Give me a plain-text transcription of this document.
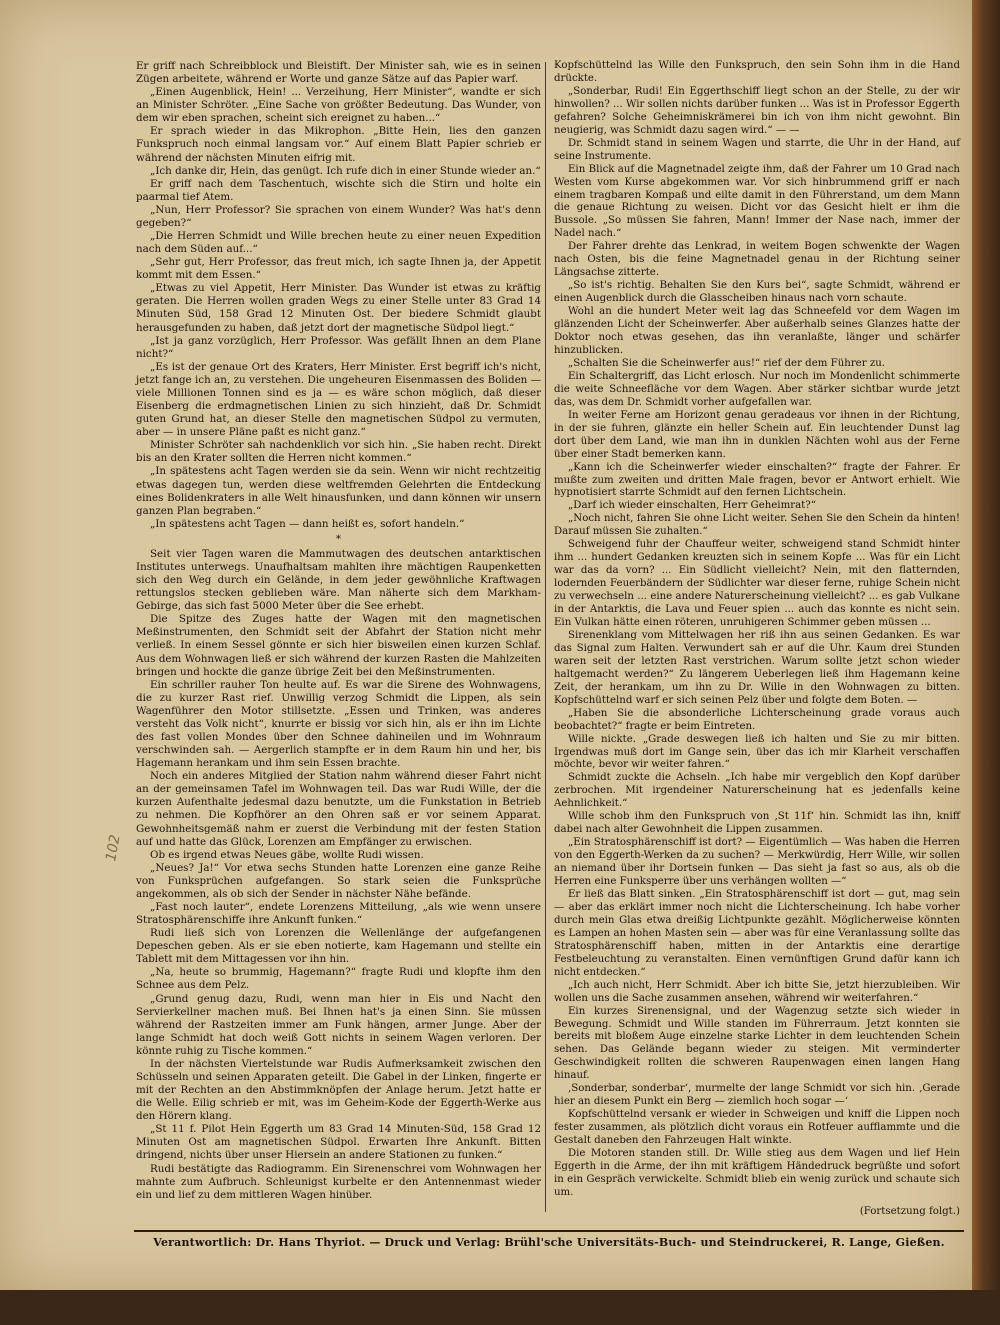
Er griff nach Schreibblock und Bleistift. Der Minister sah, wie es in seinen Zügen arbeitete, während er Worte und ganze Sätze auf das Papier warf.

„Einen Augenblick, Hein! ... Verzeihung, Herr Minister“, wandte er sich an Minister Schröter. „Eine Sache von größter Bedeutung. Das Wunder, von dem wir eben sprachen, scheint sich ereignet zu haben...“

Er sprach wieder in das Mikrophon. „Bitte Hein, lies den ganzen Funkspruch noch einmal langsam vor.“ Auf einem Blatt Papier schrieb er während der nächsten Minuten eifrig mit.

„Ich danke dir, Hein, das genügt. Ich rufe dich in einer Stunde wieder an.“

Er griff nach dem Taschentuch, wischte sich die Stirn und holte ein paarmal tief Atem.

„Nun, Herr Professor? Sie sprachen von einem Wunder? Was hat's denn gegeben?“

„Die Herren Schmidt und Wille brechen heute zu einer neuen Expedition nach dem Süden auf...“

„Sehr gut, Herr Professor, das freut mich, ich sagte Ihnen ja, der Appetit kommt mit dem Essen.“

„Etwas zu viel Appetit, Herr Minister. Das Wunder ist etwas zu kräftig geraten. Die Herren wollen graden Wegs zu einer Stelle unter 83 Grad 14 Minuten Süd, 158 Grad 12 Minuten Ost. Der biedere Schmidt glaubt herausgefunden zu haben, daß jetzt dort der magnetische Südpol liegt.“

„Ist ja ganz vorzüglich, Herr Professor. Was gefällt Ihnen an dem Plane nicht?“

„Es ist der genaue Ort des Kraters, Herr Minister. Erst begriff ich's nicht, jetzt fange ich an, zu verstehen. Die ungeheuren Eisenmassen des Boliden — viele Millionen Tonnen sind es ja — es wäre schon möglich, daß dieser Eisenberg die erdmagnetischen Linien zu sich hinzieht, daß Dr. Schmidt guten Grund hat, an dieser Stelle den magnetischen Südpol zu vermuten, aber — in unsere Pläne paßt es nicht ganz.“

Minister Schröter sah nachdenklich vor sich hin. „Sie haben recht. Direkt bis an den Krater sollten die Herren nicht kommen.“

„In spätestens acht Tagen werden sie da sein. Wenn wir nicht rechtzeitig etwas dagegen tun, werden diese weltfremden Gelehrten die Entdeckung eines Bolidenkraters in alle Welt hinausfunken, und dann können wir unsern ganzen Plan begraben.“

„In spätestens acht Tagen — dann heißt es, sofort handeln.“

*

Seit vier Tagen waren die Mammutwagen des deutschen antarktischen Institutes unterwegs. Unaufhaltsam mahlten ihre mächtigen Raupenketten sich den Weg durch ein Gelände, in dem jeder gewöhnliche Kraftwagen rettungslos stecken geblieben wäre. Man näherte sich dem Markham-Gebirge, das sich fast 5000 Meter über die See erhebt.

Die Spitze des Zuges hatte der Wagen mit den magnetischen Meßinstrumenten, den Schmidt seit der Abfahrt der Station nicht mehr verließ. In einem Sessel gönnte er sich hier bisweilen einen kurzen Schlaf. Aus dem Wohnwagen ließ er sich während der kurzen Rasten die Mahlzeiten bringen und hockte die ganze übrige Zeit bei den Meßinstrumenten.

Ein schriller rauher Ton heulte auf. Es war die Sirene des Wohnwagens, die zu kurzer Rast rief. Unwillig verzog Schmidt die Lippen, als sein Wagenführer den Motor stillsetzte. „Essen und Trinken, was anderes versteht das Volk nicht“, knurrte er bissig vor sich hin, als er ihn im Lichte des fast vollen Mondes über den Schnee dahineilen und im Wohnraum verschwinden sah. — Aergerlich stampfte er in dem Raum hin und her, bis Hagemann herankam und ihm sein Essen brachte.

Noch ein anderes Mitglied der Station nahm während dieser Fahrt nicht an der gemeinsamen Tafel im Wohnwagen teil. Das war Rudi Wille, der die kurzen Aufenthalte jedesmal dazu benutzte, um die Funkstation in Betrieb zu nehmen. Die Kopfhörer an den Ohren saß er vor seinem Apparat. Gewohnheitsgemäß nahm er zuerst die Verbindung mit der festen Station auf und hatte das Glück, Lorenzen am Empfänger zu erwischen.

Ob es irgend etwas Neues gäbe, wollte Rudi wissen.

„Neues? Ja!“ Vor etwa sechs Stunden hatte Lorenzen eine ganze Reihe von Funksprüchen aufgefangen. So stark seien die Funksprüche angekommen, als ob sich der Sender in nächster Nähe befände.

„Fast noch lauter“, endete Lorenzens Mitteilung, „als wie wenn unsere Stratosphärenschiffe ihre Ankunft funken.“

Rudi ließ sich von Lorenzen die Wellenlänge der aufgefangenen Depeschen geben. Als er sie eben notierte, kam Hagemann und stellte ein Tablett mit dem Mittagessen vor ihn hin.

„Na, heute so brummig, Hagemann?“ fragte Rudi und klopfte ihm den Schnee aus dem Pelz.

„Grund genug dazu, Rudi, wenn man hier in Eis und Nacht den Servierkellner machen muß. Bei Ihnen hat's ja einen Sinn. Sie müssen während der Rastzeiten immer am Funk hängen, armer Junge. Aber der lange Schmidt hat doch weiß Gott nichts in seinem Wagen verloren. Der könnte ruhig zu Tische kommen.“

In der nächsten Viertelstunde war Rudis Aufmerksamkeit zwischen den Schüsseln und seinen Apparaten geteilt. Die Gabel in der Linken, fingerte er mit der Rechten an den Abstimmknöpfen der Anlage herum. Jetzt hatte er die Welle. Eilig schrieb er mit, was im Geheim-Kode der Eggerth-Werke aus den Hörern klang.

„St 11 f. Pilot Hein Eggerth um 83 Grad 14 Minuten-Süd, 158 Grad 12 Minuten Ost am magnetischen Südpol. Erwarten Ihre Ankunft. Bitten dringend, nichts über unser Hiersein an andere Stationen zu funken.“

Rudi bestätigte das Radiogramm. Ein Sirenenschrei vom Wohnwagen her mahnte zum Aufbruch. Schleunigst kurbelte er den Antennenmast wieder ein und lief zu dem mittleren Wagen hinüber.

Kopfschüttelnd las Wille den Funkspruch, den sein Sohn ihm in die Hand drückte.

„Sonderbar, Rudi! Ein Eggerthschiff liegt schon an der Stelle, zu der wir hinwollen? ... Wir sollen nichts darüber funken ... Was ist in Professor Eggerth gefahren? Solche Geheimniskrämerei bin ich von ihm nicht gewohnt. Bin neugierig, was Schmidt dazu sagen wird.“ — —

Dr. Schmidt stand in seinem Wagen und starrte, die Uhr in der Hand, auf seine Instrumente.

Ein Blick auf die Magnetnadel zeigte ihm, daß der Fahrer um 10 Grad nach Westen vom Kurse abgekommen war. Vor sich hinbrummend griff er nach einem tragbaren Kompaß und eilte damit in den Führerstand, um dem Mann die genaue Richtung zu weisen. Dicht vor das Gesicht hielt er ihm die Bussole. „So müssen Sie fahren, Mann! Immer der Nase nach, immer der Nadel nach.“

Der Fahrer drehte das Lenkrad, in weitem Bogen schwenkte der Wagen nach Osten, bis die feine Magnetnadel genau in der Richtung seiner Längsachse zitterte.

„So ist's richtig. Behalten Sie den Kurs bei“, sagte Schmidt, während er einen Augenblick durch die Glasscheiben hinaus nach vorn schaute.

Wohl an die hundert Meter weit lag das Schneefeld vor dem Wagen im glänzenden Licht der Scheinwerfer. Aber außerhalb seines Glanzes hatte der Doktor noch etwas gesehen, das ihn veranlaßte, länger und schärfer hinzublicken.

„Schalten Sie die Scheinwerfer aus!“ rief der dem Führer zu.

Ein Schaltergriff, das Licht erlosch. Nur noch im Mondenlicht schimmerte die weite Schneefläche vor dem Wagen. Aber stärker sichtbar wurde jetzt das, was dem Dr. Schmidt vorher aufgefallen war.

In weiter Ferne am Horizont genau geradeaus vor ihnen in der Richtung, in der sie fuhren, glänzte ein heller Schein auf. Ein leuchtender Dunst lag dort über dem Land, wie man ihn in dunklen Nächten wohl aus der Ferne über einer Stadt bemerken kann.

„Kann ich die Scheinwerfer wieder einschalten?“ fragte der Fahrer. Er mußte zum zweiten und dritten Male fragen, bevor er Antwort erhielt. Wie hypnotisiert starrte Schmidt auf den fernen Lichtschein.

„Darf ich wieder einschalten, Herr Geheimrat?“

„Noch nicht, fahren Sie ohne Licht weiter. Sehen Sie den Schein da hinten! Darauf müssen Sie zuhalten.“

Schweigend fuhr der Chauffeur weiter, schweigend stand Schmidt hinter ihm ... hundert Gedanken kreuzten sich in seinem Kopfe ... Was für ein Licht war das da vorn? ... Ein Südlicht vielleicht? Nein, mit den flatternden, lodernden Feuerbändern der Südlichter war dieser ferne, ruhige Schein nicht zu verwechseln ... eine andere Naturerscheinung vielleicht? ... es gab Vulkane in der Antarktis, die Lava und Feuer spien ... auch das konnte es nicht sein. Ein Vulkan hätte einen röteren, unruhigeren Schimmer geben müssen ...

Sirenenklang vom Mittelwagen her riß ihn aus seinen Gedanken. Es war das Signal zum Halten. Verwundert sah er auf die Uhr. Kaum drei Stunden waren seit der letzten Rast verstrichen. Warum sollte jetzt schon wieder haltgemacht werden?“ Zu längerem Ueberlegen ließ ihm Hagemann keine Zeit, der herankam, um ihn zu Dr. Wille in den Wohnwagen zu bitten. Kopfschüttelnd warf er sich seinen Pelz über und folgte dem Boten. —

„Haben Sie die absonderliche Lichterscheinung grade voraus auch beobachtet?“ fragte er beim Eintreten.

Wille nickte. „Grade deswegen ließ ich halten und Sie zu mir bitten. Irgendwas muß dort im Gange sein, über das ich mir Klarheit verschaffen möchte, bevor wir weiter fahren.“

Schmidt zuckte die Achseln. „Ich habe mir vergeblich den Kopf darüber zerbrochen. Mit irgendeiner Naturerscheinung hat es jedenfalls keine Aehnlichkeit.“

Wille schob ihm den Funkspruch von ‚St 11f‘ hin. Schmidt las ihn, kniff dabei nach alter Gewohnheit die Lippen zusammen.

„Ein Stratosphärenschiff ist dort? — Eigentümlich — Was haben die Herren von den Eggerth-Werken da zu suchen? — Merkwürdig, Herr Wille, wir sollen an niemand über ihr Dortsein funken — Das sieht ja fast so aus, als ob die Herren eine Funksperre über uns verhängen wollten —“

Er ließ das Blatt sinken. „Ein Stratosphärenschiff ist dort — gut, mag sein — aber das erklärt immer noch nicht die Lichterscheinung. Ich habe vorher durch mein Glas etwa dreißig Lichtpunkte gezählt. Möglicherweise könnten es Lampen an hohen Masten sein — aber was für eine Veranlassung sollte das Stratosphärenschiff haben, mitten in der Antarktis eine derartige Festbeleuchtung zu veranstalten. Einen vernünftigen Grund dafür kann ich nicht entdecken.“

„Ich auch nicht, Herr Schmidt. Aber ich bitte Sie, jetzt hierzubleiben. Wir wollen uns die Sache zusammen ansehen, während wir weiterfahren.“

Ein kurzes Sirenensignal, und der Wagenzug setzte sich wieder in Bewegung. Schmidt und Wille standen im Führerraum. Jetzt konnten sie bereits mit bloßem Auge einzelne starke Lichter in dem leuchtenden Schein sehen. Das Gelände begann wieder zu steigen. Mit verminderter Geschwindigkeit rollten die schweren Raupenwagen einen langen Hang hinauf.

‚Sonderbar, sonderbar‘, murmelte der lange Schmidt vor sich hin. ‚Gerade hier an diesem Punkt ein Berg — ziemlich hoch sogar —‘

Kopfschüttelnd versank er wieder in Schweigen und kniff die Lippen noch fester zusammen, als plötzlich dicht voraus ein Rotfeuer aufflammte und die Gestalt daneben den Fahrzeugen Halt winkte.

Die Motoren standen still. Dr. Wille stieg aus dem Wagen und lief Hein Eggerth in die Arme, der ihn mit kräftigem Händedruck begrüßte und sofort in ein Gespräch verwickelte. Schmidt blieb ein wenig zurück und schaute sich um.

(Fortsetzung folgt.)

Verantwortlich: Dr. Hans Thyriot. — Druck und Verlag: Brühl'sche Universitäts-Buch- und Steindruckerei, R. Lange, Gießen.
102
